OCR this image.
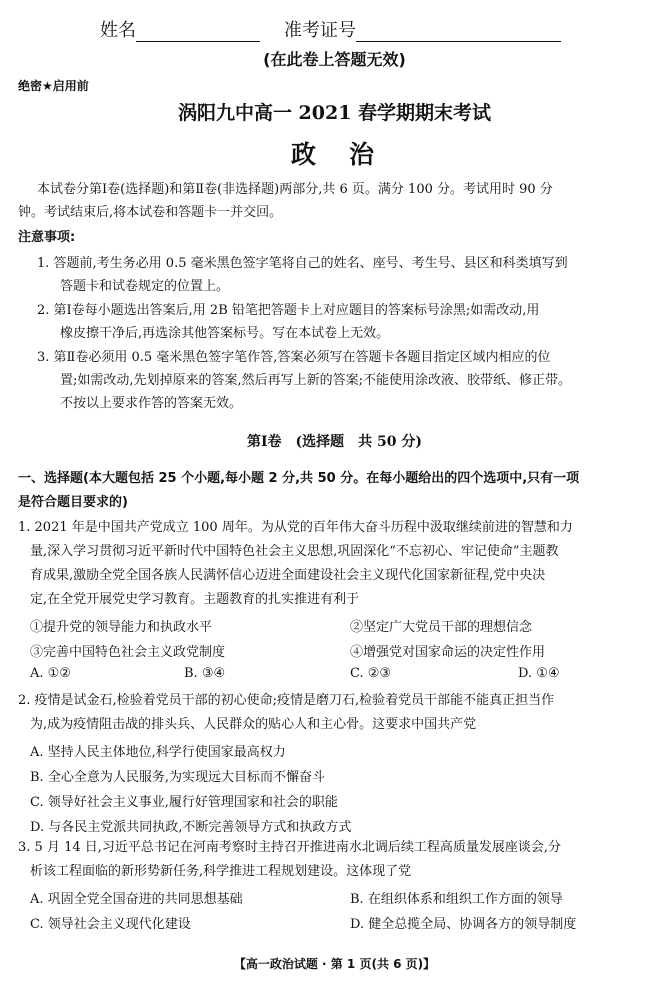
姓名	准考证号
(在此卷上答题无效)
绝密★启用前
涡阳九中高一 2021 春学期期末考试
政　治
本试卷分第Ⅰ卷(选择题)和第Ⅱ卷(非选择题)两部分,共 6 页。满分 100 分。考试用时 90 分
钟。考试结束后,将本试卷和答题卡一并交回。
注意事项:
1. 答题前,考生务必用 0.5 毫米黑色签字笔将自己的姓名、座号、考生号、县区和科类填写到
答题卡和试卷规定的位置上。
2. 第Ⅰ卷每小题选出答案后,用 2B 铅笔把答题卡上对应题目的答案标号涂黑;如需改动,用
橡皮擦干净后,再选涂其他答案标号。写在本试卷上无效。
3. 第Ⅱ卷必须用 0.5 毫米黑色签字笔作答,答案必须写在答题卡各题目指定区域内相应的位
置;如需改动,先划掉原来的答案,然后再写上新的答案;不能使用涂改液、胶带纸、修正带。
不按以上要求作答的答案无效。
第Ⅰ卷　(选择题　共 50 分)
一、选择题(本大题包括 25 个小题,每小题 2 分,共 50 分。在每小题给出的四个选项中,只有一项
是符合题目要求的)
1. 2021 年是中国共产党成立 100 周年。为从党的百年伟大奋斗历程中汲取继续前进的智慧和力
量,深入学习贯彻习近平新时代中国特色社会主义思想,巩固深化“不忘初心、牢记使命”主题教
育成果,激励全党全国各族人民满怀信心迈进全面建设社会主义现代化国家新征程,党中央决
定,在全党开展党史学习教育。主题教育的扎实推进有利于
①提升党的领导能力和执政水平	②坚定广大党员干部的理想信念
③完善中国特色社会主义政党制度	④增强党对国家命运的决定性作用
A. ①②	B. ③④	C. ②③	D. ①④
2. 疫情是试金石,检验着党员干部的初心使命;疫情是磨刀石,检验着党员干部能不能真正担当作
为,成为疫情阻击战的排头兵、人民群众的贴心人和主心骨。这要求中国共产党
A. 坚持人民主体地位,科学行使国家最高权力
B. 全心全意为人民服务,为实现远大目标而不懈奋斗
C. 领导好社会主义事业,履行好管理国家和社会的职能
D. 与各民主党派共同执政,不断完善领导方式和执政方式
3. 5 月 14 日,习近平总书记在河南考察时主持召开推进南水北调后续工程高质量发展座谈会,分
析该工程面临的新形势新任务,科学推进工程规划建设。这体现了党
A. 巩固全党全国奋进的共同思想基础	B. 在组织体系和组织工作方面的领导
C. 领导社会主义现代化建设	D. 健全总揽全局、协调各方的领导制度
【高一政治试题 · 第 1 页(共 6 页)】
